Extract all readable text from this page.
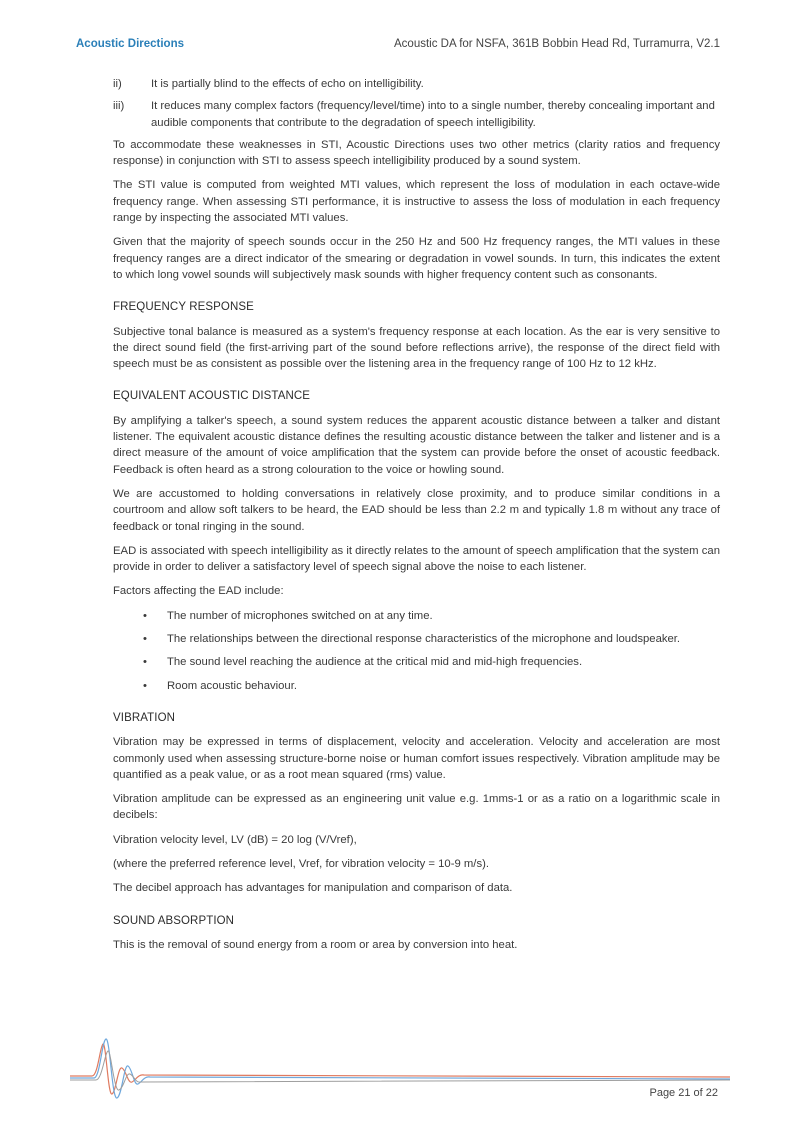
Acoustic Directions	Acoustic DA for NSFA, 361B Bobbin Head Rd, Turramurra, V2.1
ii)	It is partially blind to the effects of echo on intelligibility.
iii)	It reduces many complex factors (frequency/level/time) into to a single number, thereby concealing important and audible components that contribute to the degradation of speech intelligibility.

To accommodate these weaknesses in STI, Acoustic Directions uses two other metrics (clarity ratios and frequency response) in conjunction with STI to assess speech intelligibility produced by a sound system.

The STI value is computed from weighted MTI values, which represent the loss of modulation in each octave-wide frequency range. When assessing STI performance, it is instructive to assess the loss of modulation in each frequency range by inspecting the associated MTI values.

Given that the majority of speech sounds occur in the 250 Hz and 500 Hz frequency ranges, the MTI values in these frequency ranges are a direct indicator of the smearing or degradation in vowel sounds. In turn, this indicates the extent to which long vowel sounds will subjectively mask sounds with higher frequency content such as consonants.

FREQUENCY RESPONSE

Subjective tonal balance is measured as a system's frequency response at each location. As the ear is very sensitive to the direct sound field (the first-arriving part of the sound before reflections arrive), the response of the direct field with speech must be as consistent as possible over the listening area in the frequency range of 100 Hz to 12 kHz.

EQUIVALENT ACOUSTIC DISTANCE

By amplifying a talker's speech, a sound system reduces the apparent acoustic distance between a talker and distant listener. The equivalent acoustic distance defines the resulting acoustic distance between the talker and listener and is a direct measure of the amount of voice amplification that the system can provide before the onset of acoustic feedback. Feedback is often heard as a strong colouration to the voice or howling sound.

We are accustomed to holding conversations in relatively close proximity, and to produce similar conditions in a courtroom and allow soft talkers to be heard, the EAD should be less than 2.2 m and typically 1.8 m without any trace of feedback or tonal ringing in the sound.

EAD is associated with speech intelligibility as it directly relates to the amount of speech amplification that the system can provide in order to deliver a satisfactory level of speech signal above the noise to each listener.

Factors affecting the EAD include:

•	The number of microphones switched on at any time.
•	The relationships between the directional response characteristics of the microphone and loudspeaker.
•	The sound level reaching the audience at the critical mid and mid-high frequencies.
•	Room acoustic behaviour.
VIBRATION

Vibration may be expressed in terms of displacement, velocity and acceleration. Velocity and acceleration are most commonly used when assessing structure-borne noise or human comfort issues respectively. Vibration amplitude may be quantified as a peak value, or as a root mean squared (rms) value.

Vibration amplitude can be expressed as an engineering unit value e.g. 1mms-1 or as a ratio on a logarithmic scale in decibels:

Vibration velocity level, LV (dB) = 20 log (V/Vref),

(where the preferred reference level, Vref, for vibration velocity = 10-9 m/s).

The decibel approach has advantages for manipulation and comparison of data.

SOUND ABSORPTION

This is the removal of sound energy from a room or area by conversion into heat.

Page 21 of 22
